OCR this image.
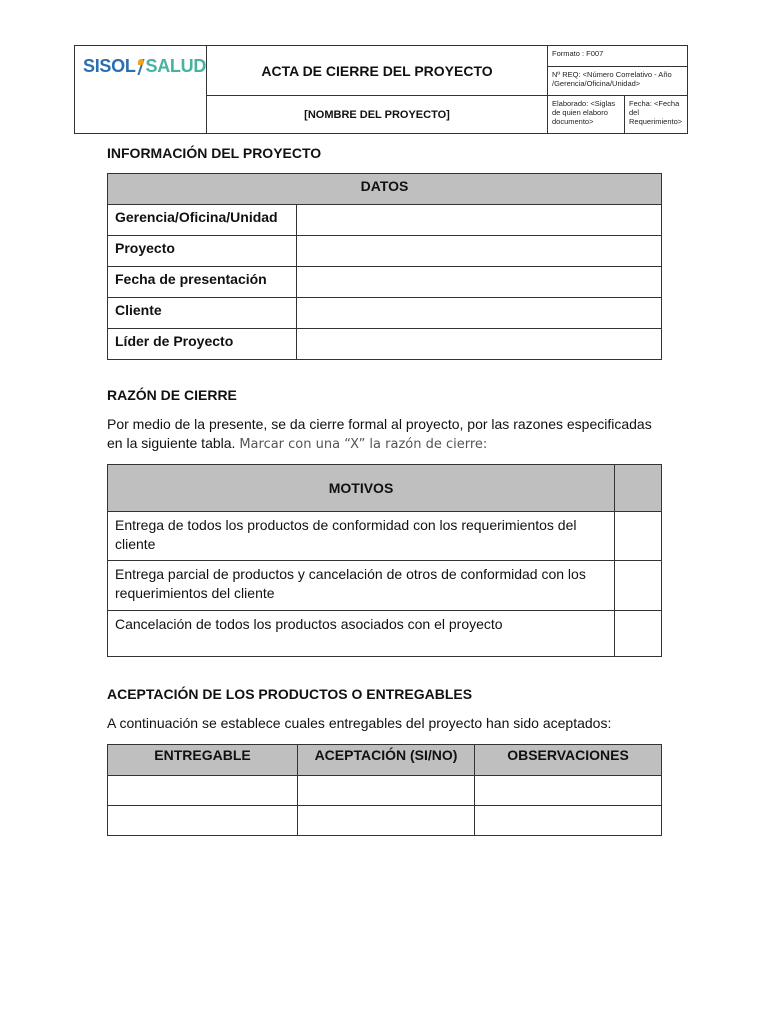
SISOL SALUD	ACTA DE CIERRE DEL PROYECTO	Formato : F007	
		Nº REQ: <Número Correlativo - Año /Gerencia/Oficina/Unidad>	
	[NOMBRE DEL PROYECTO]	Elaborado: <Siglas de quien elaboro documento>	Fecha: <Fecha del Requerimiento>
INFORMACIÓN DEL PROYECTO
DATOS	
Gerencia/Oficina/Unidad	
Proyecto	
Fecha de presentación	
Cliente	
Líder de Proyecto	
RAZÓN DE CIERRE
Por medio de la presente, se da cierre formal al proyecto, por las razones especificadas en la siguiente tabla. Marcar con una “X” la razón de cierre:
MOTIVOS	
Entrega de todos los productos de conformidad con los requerimientos del cliente	
Entrega parcial de productos y cancelación de otros de conformidad con los requerimientos del cliente	
Cancelación de todos los productos asociados con el proyecto	
ACEPTACIÓN DE LOS PRODUCTOS O ENTREGABLES
A continuación se establece cuales entregables del proyecto han sido aceptados:
ENTREGABLE	ACEPTACIÓN (SI/NO)	OBSERVACIONES
